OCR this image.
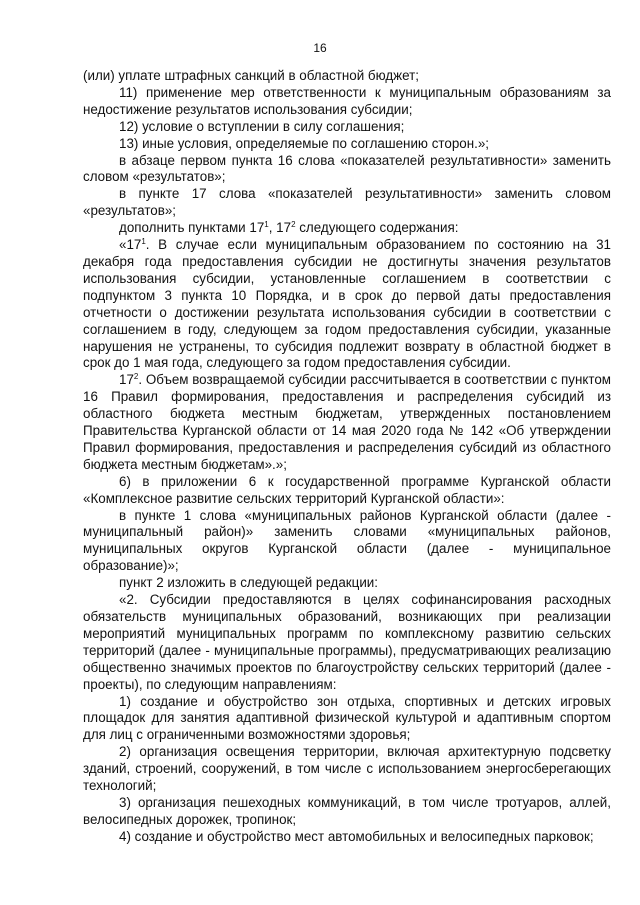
16

(или) уплате штрафных санкций в областной бюджет;

11) применение мер ответственности к муниципальным образованиям за недостижение результатов использования субсидии;

12) условие о вступлении в силу соглашения;

13) иные условия, определяемые по соглашению сторон.»;

в абзаце первом пункта 16 слова «показателей результативности» заменить словом «результатов»;

в пункте 17 слова «показателей результативности» заменить словом «результатов»;

дополнить пунктами $17^1$, $17^2$ следующего содержания:

«$17^1$. В случае если муниципальным образованием по состоянию на 31 декабря года предоставления субсидии не достигнуты значения результатов использования субсидии, установленные соглашением в соответствии с подпунктом 3 пункта 10 Порядка, и в срок до первой даты предоставления отчетности о достижении результата использования субсидии в соответствии с соглашением в году, следующем за годом предоставления субсидии, указанные нарушения не устранены, то субсидия подлежит возврату в областной бюджет в срок до 1 мая года, следующего за годом предоставления субсидии.

$17^2$. Объем возвращаемой субсидии рассчитывается в соответствии с пунктом 16 Правил формирования, предоставления и распределения субсидий из областного бюджета местным бюджетам, утвержденных постановлением Правительства Курганской области от 14 мая 2020 года № 142 «Об утверждении Правил формирования, предоставления и распределения субсидий из областного бюджета местным бюджетам».»;

6) в приложении 6 к государственной программе Курганской области «Комплексное развитие сельских территорий Курганской области»:

в пункте 1 слова «муниципальных районов Курганской области (далее - муниципальный район)» заменить словами «муниципальных районов, муниципальных округов Курганской области (далее - муниципальное образование)»;

пункт 2 изложить в следующей редакции:

«2. Субсидии предоставляются в целях софинансирования расходных обязательств муниципальных образований, возникающих при реализации мероприятий муниципальных программ по комплексному развитию сельских территорий (далее - муниципальные программы), предусматривающих реализацию общественно значимых проектов по благоустройству сельских территорий (далее - проекты), по следующим направлениям:

1) создание и обустройство зон отдыха, спортивных и детских игровых площадок для занятия адаптивной физической культурой и адаптивным спортом для лиц с ограниченными возможностями здоровья;

2) организация освещения территории, включая архитектурную подсветку зданий, строений, сооружений, в том числе с использованием энергосберегающих технологий;

3) организация пешеходных коммуникаций, в том числе тротуаров, аллей, велосипедных дорожек, тропинок;

4) создание и обустройство мест автомобильных и велосипедных парковок;
